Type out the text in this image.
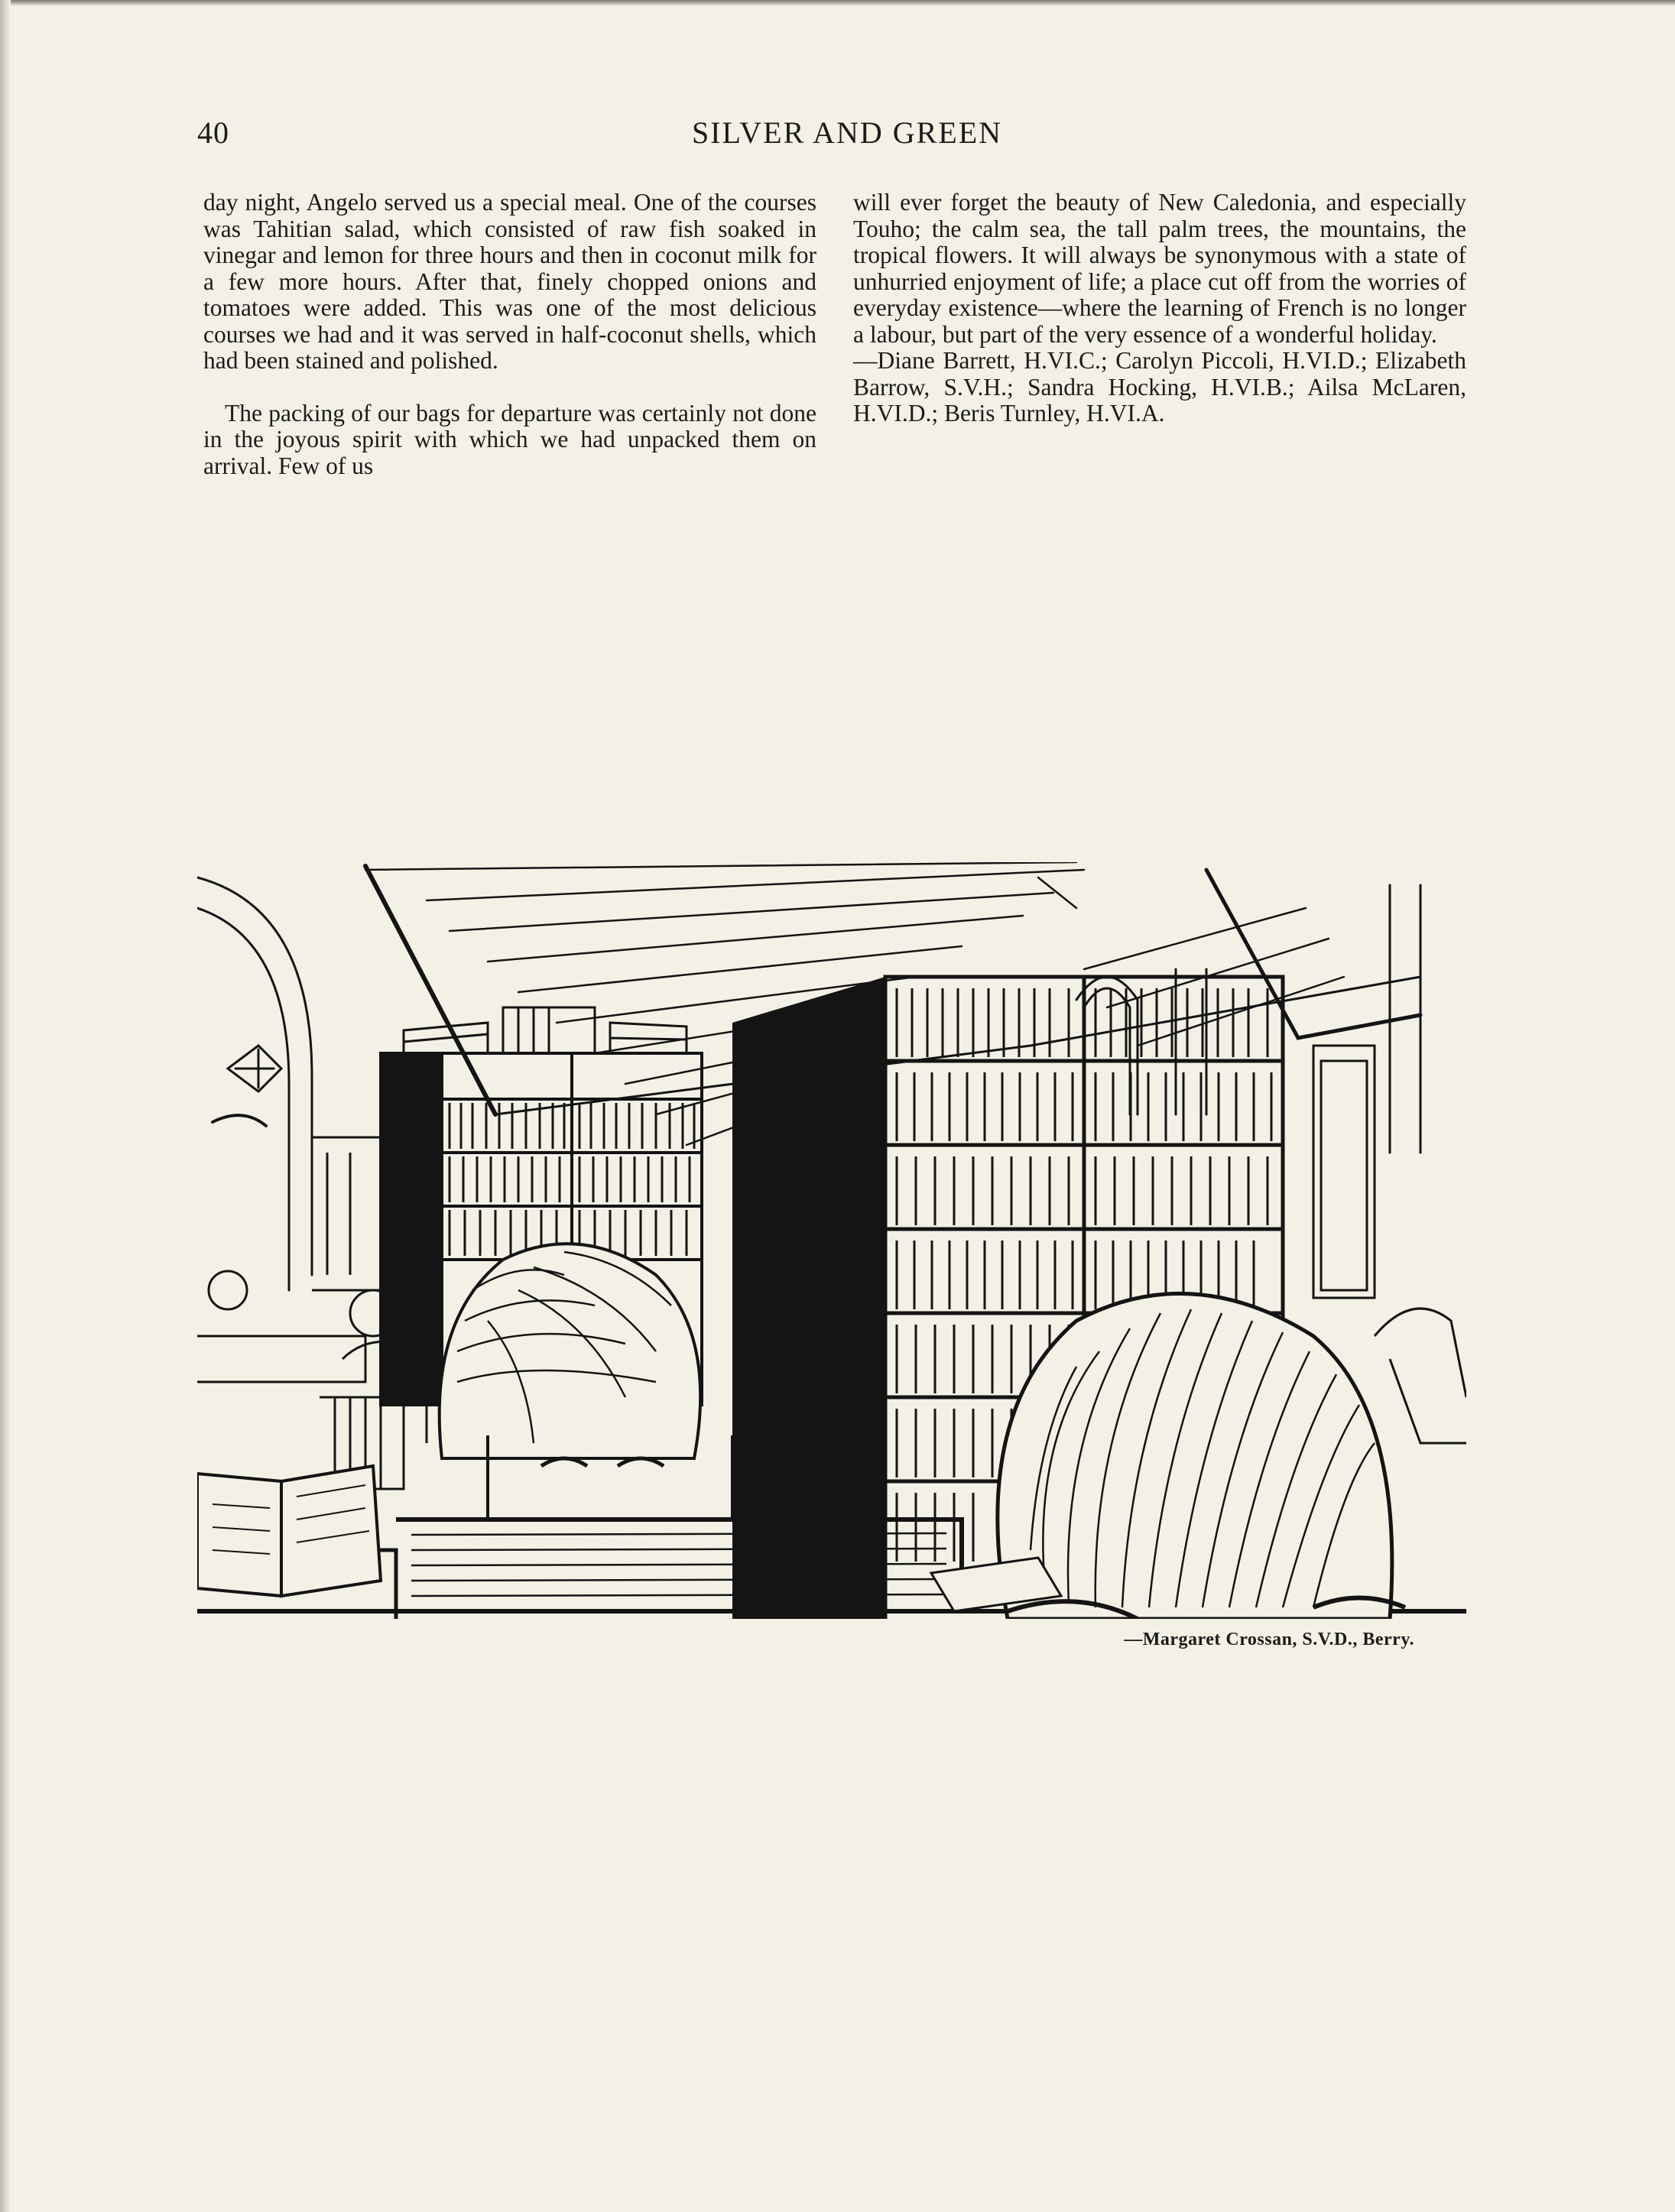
40	SILVER AND GREEN

day night, Angelo served us a special meal. One of the courses was Tahitian salad, which consisted of raw fish soaked in vinegar and lemon for three hours and then in coconut milk for a few more hours. After that, finely chopped onions and tomatoes were added. This was one of the most delicious courses we had and it was served in half-coconut shells, which had been stained and polished.

The packing of our bags for departure was certainly not done in the joyous spirit with which we had unpacked them on arrival. Few of us

will ever forget the beauty of New Caledonia, and especially Touho; the calm sea, the tall palm trees, the mountains, the tropical flowers. It will always be synonymous with a state of unhurried enjoyment of life; a place cut off from the worries of everyday existence—where the learning of French is no longer a labour, but part of the very essence of a wonderful holiday.

—Diane Barrett, H.VI.C.; Carolyn Piccoli, H.VI.D.; Elizabeth Barrow, S.V.H.; Sandra Hocking, H.VI.B.; Ailsa McLaren, H.VI.D.; Beris Turnley, H.VI.A.

—Margaret Crossan, S.V.D., Berry.
